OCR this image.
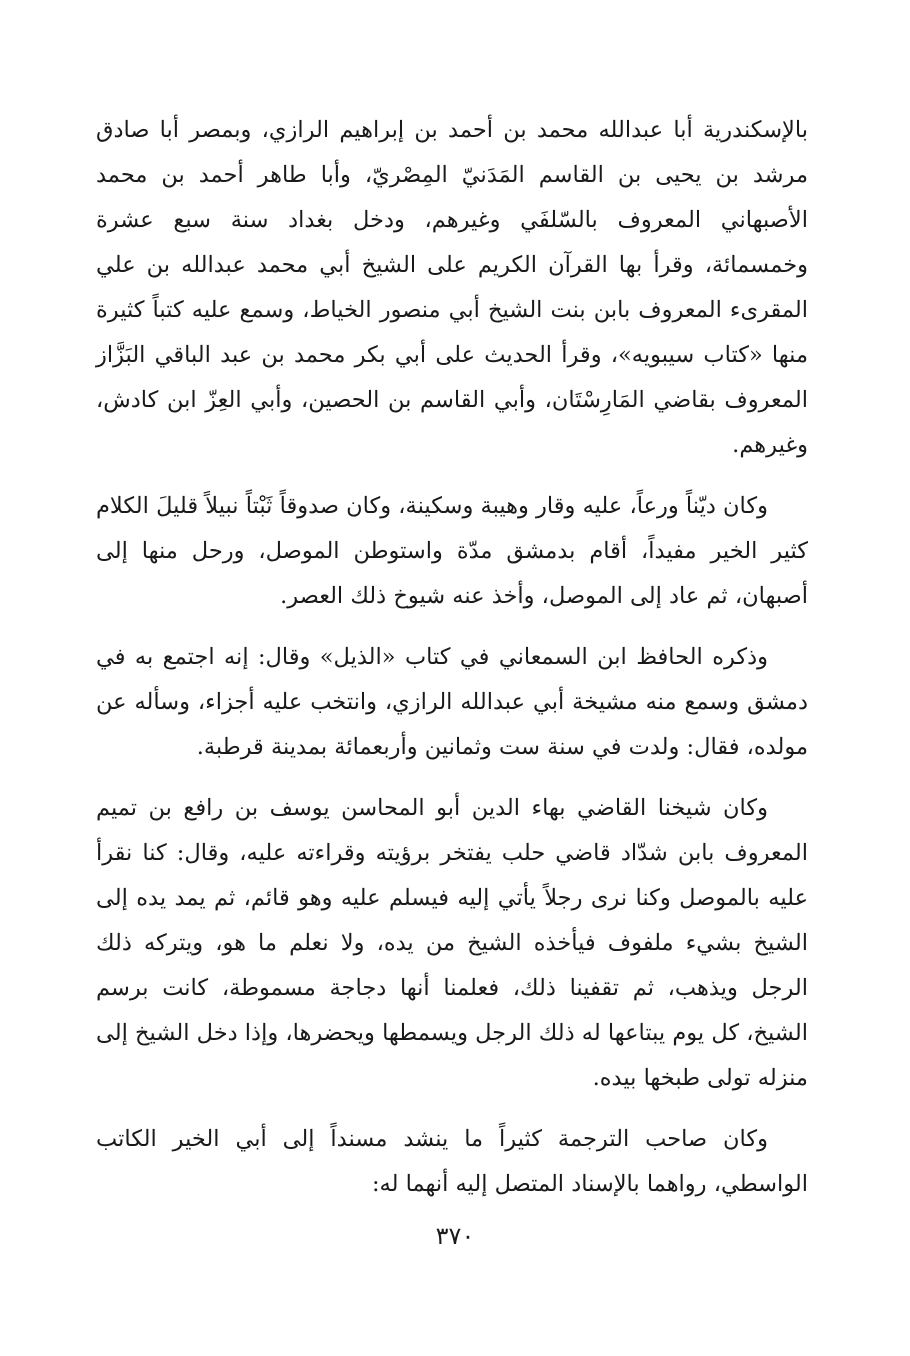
بالإسكندرية أبا عبدالله محمد بن أحمد بن إبراهيم الرازي، وبمصر أبا صادق مرشد بن يحيى بن القاسم المَدَنيّ المِصْريّ، وأبا طاهر أحمد بن محمد الأصبهاني المعروف بالسّلفَي وغيرهم، ودخل بغداد سنة سبع عشرة وخمسمائة، وقرأ بها القرآن الكريم على الشيخ أبي محمد عبدالله بن علي المقرىء المعروف بابن بنت الشيخ أبي منصور الخياط، وسمع عليه كتباً كثيرة منها «كتاب سيبويه»، وقرأ الحديث على أبي بكر محمد بن عبد الباقي البَزَّاز المعروف بقاضي المَارِسْتَان، وأبي القاسم بن الحصين، وأبي العِزّ ابن كادش، وغيرهم.

وكان ديّناً ورعاً، عليه وقار وهيبة وسكينة، وكان صدوقاً ثَبْتاً نبيلاً قليلَ الكلام كثير الخير مفيداً، أقام بدمشق مدّة واستوطن الموصل، ورحل منها إلى أصبهان، ثم عاد إلى الموصل، وأخذ عنه شيوخ ذلك العصر.

وذكره الحافظ ابن السمعاني في كتاب «الذيل» وقال: إنه اجتمع به في دمشق وسمع منه مشيخة أبي عبدالله الرازي، وانتخب عليه أجزاء، وسأله عن مولده، فقال: ولدت في سنة ست وثمانين وأربعمائة بمدينة قرطبة.

وكان شيخنا القاضي بهاء الدين أبو المحاسن يوسف بن رافع بن تميم المعروف بابن شدّاد قاضي حلب يفتخر برؤيته وقراءته عليه، وقال: كنا نقرأ عليه بالموصل وكنا نرى رجلاً يأتي إليه فيسلم عليه وهو قائم، ثم يمد يده إلى الشيخ بشيء ملفوف فيأخذه الشيخ من يده، ولا نعلم ما هو، ويتركه ذلك الرجل ويذهب، ثم تقفينا ذلك، فعلمنا أنها دجاجة مسموطة، كانت برسم الشيخ، كل يوم يبتاعها له ذلك الرجل ويسمطها ويحضرها، وإذا دخل الشيخ إلى منزله تولى طبخها بيده.

وكان صاحب الترجمة كثيراً ما ينشد مسنداً إلى أبي الخير الكاتب الواسطي، رواهما بالإسناد المتصل إليه أنهما له:

٣٧٠
